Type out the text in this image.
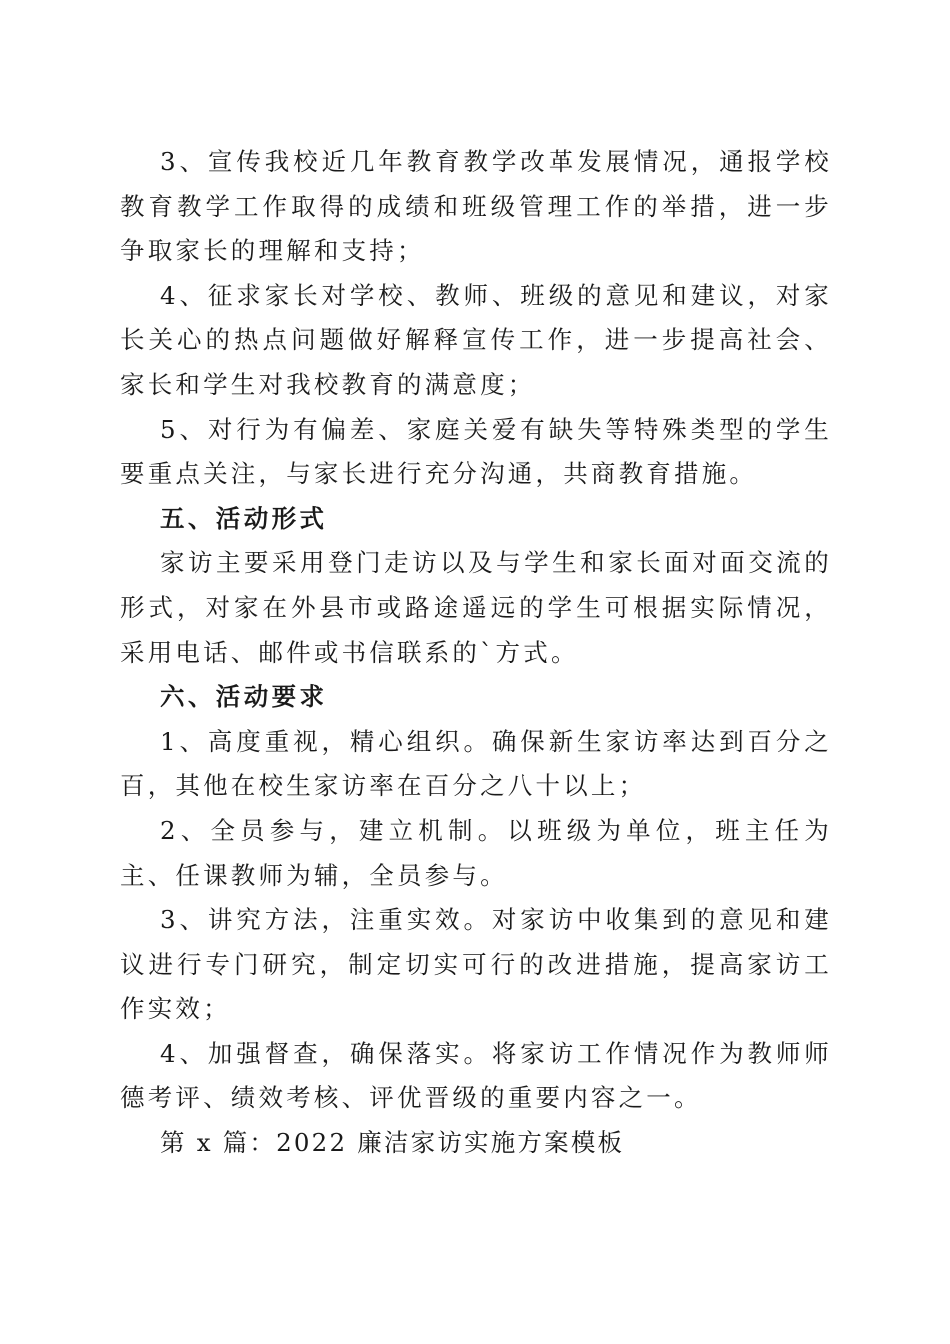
3、宣传我校近几年教育教学改革发展情况，通报学校教育教学工作取得的成绩和班级管理工作的举措，进一步争取家长的理解和支持；

4、征求家长对学校、教师、班级的意见和建议，对家长关心的热点问题做好解释宣传工作，进一步提高社会、家长和学生对我校教育的满意度；

5、对行为有偏差、家庭关爱有缺失等特殊类型的学生要重点关注，与家长进行充分沟通，共商教育措施。

五、活动形式

家访主要采用登门走访以及与学生和家长面对面交流的形式，对家在外县市或路途遥远的学生可根据实际情况，采用电话、邮件或书信联系的`方式。

六、活动要求

1、高度重视，精心组织。确保新生家访率达到百分之百，其他在校生家访率在百分之八十以上；

2、全员参与，建立机制。以班级为单位，班主任为主、任课教师为辅，全员参与。

3、讲究方法，注重实效。对家访中收集到的意见和建议进行专门研究，制定切实可行的改进措施，提高家访工作实效；

4、加强督查，确保落实。将家访工作情况作为教师师德考评、绩效考核、评优晋级的重要内容之一。

第 x 篇：2022 廉洁家访实施方案模板
